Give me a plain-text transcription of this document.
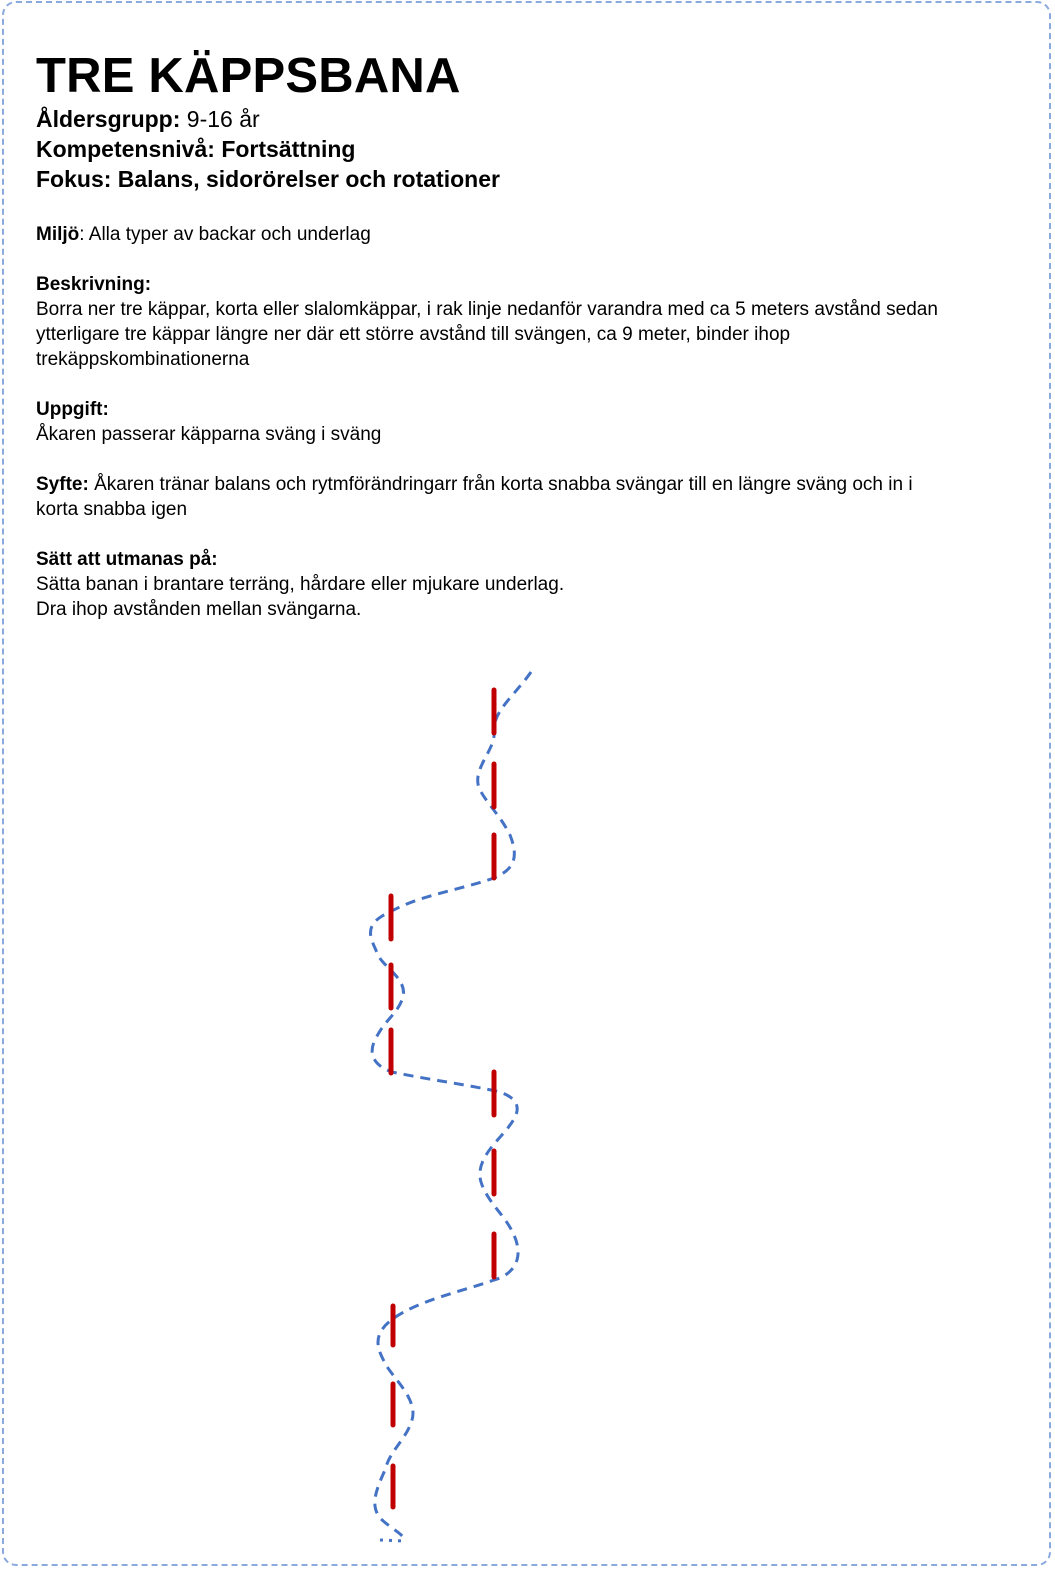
TRE KÄPPSBANA

Åldersgrupp: 9-16 år

Kompetensnivå: Fortsättning

Fokus: Balans, sidorörelser och rotationer

Miljö: Alla typer av backar och underlag

Beskrivning:

Borra ner tre käppar, korta eller slalomkäppar, i rak linje nedanför varandra med ca 5 meters avstånd sedan

ytterligare tre käppar längre ner där ett större avstånd till svängen, ca 9 meter, binder ihop

trekäppskombinationerna

Uppgift:

Åkaren passerar käpparna sväng i sväng

Syfte: Åkaren tränar balans och rytmförändringarr från korta snabba svängar till en längre sväng och in i

korta snabba igen

Sätt att utmanas på:

Sätta banan i brantare terräng, hårdare eller mjukare underlag.

Dra ihop avstånden mellan svängarna.
